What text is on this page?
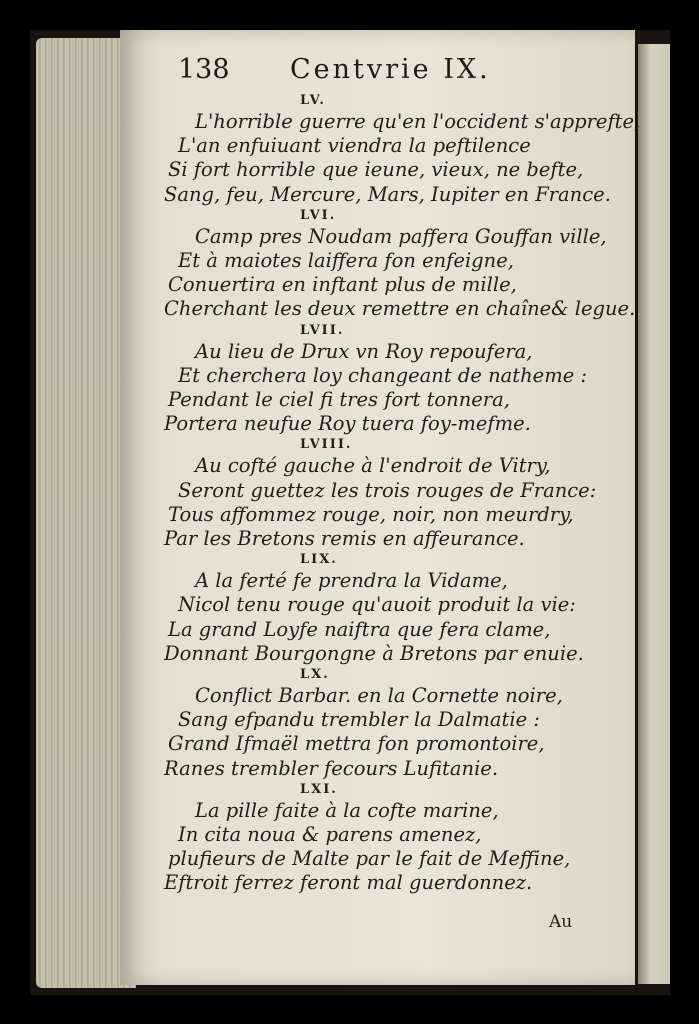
138 Centvrie IX.
LV.
L'horrible guerre qu'en l'occident s'apprefte,
L'an enfuiuant viendra la peftilence
Si fort horrible que ieune, vieux, ne befte,
Sang, feu, Mercure, Mars, Iupiter en France.
LVI.
Camp pres Noudam paffera Gouffan ville,
Et à maiotes laiffera fon enfeigne,
Conuertira en inftant plus de mille,
Cherchant les deux remettre en chaîne& legue.
LVII.
Au lieu de Drux vn Roy repoufera,
Et cherchera loy changeant de natheme :
Pendant le ciel fi tres fort tonnera,
Portera neufue Roy tuera foy-mefme.
LVIII.
Au cofté gauche à l'endroit de Vitry,
Seront guettez les trois rouges de France:
Tous affommez rouge, noir, non meurdry,
Par les Bretons remis en affeurance.
LIX.
A la ferté fe prendra la Vidame,
Nicol tenu rouge qu'auoit produit la vie:
La grand Loyfe naiftra que fera clame,
Donnant Bourgongne à Bretons par enuie.
LX.
Conflict Barbar. en la Cornette noire,
Sang efpandu trembler la Dalmatie :
Grand Ifmaël mettra fon promontoire,
Ranes trembler fecours Lufitanie.
LXI.
La pille faite à la cofte marine,
In cita noua & parens amenez,
plufieurs de Malte par le fait de Meffine,
Eftroit ferrez feront mal guerdonnez.
Au
